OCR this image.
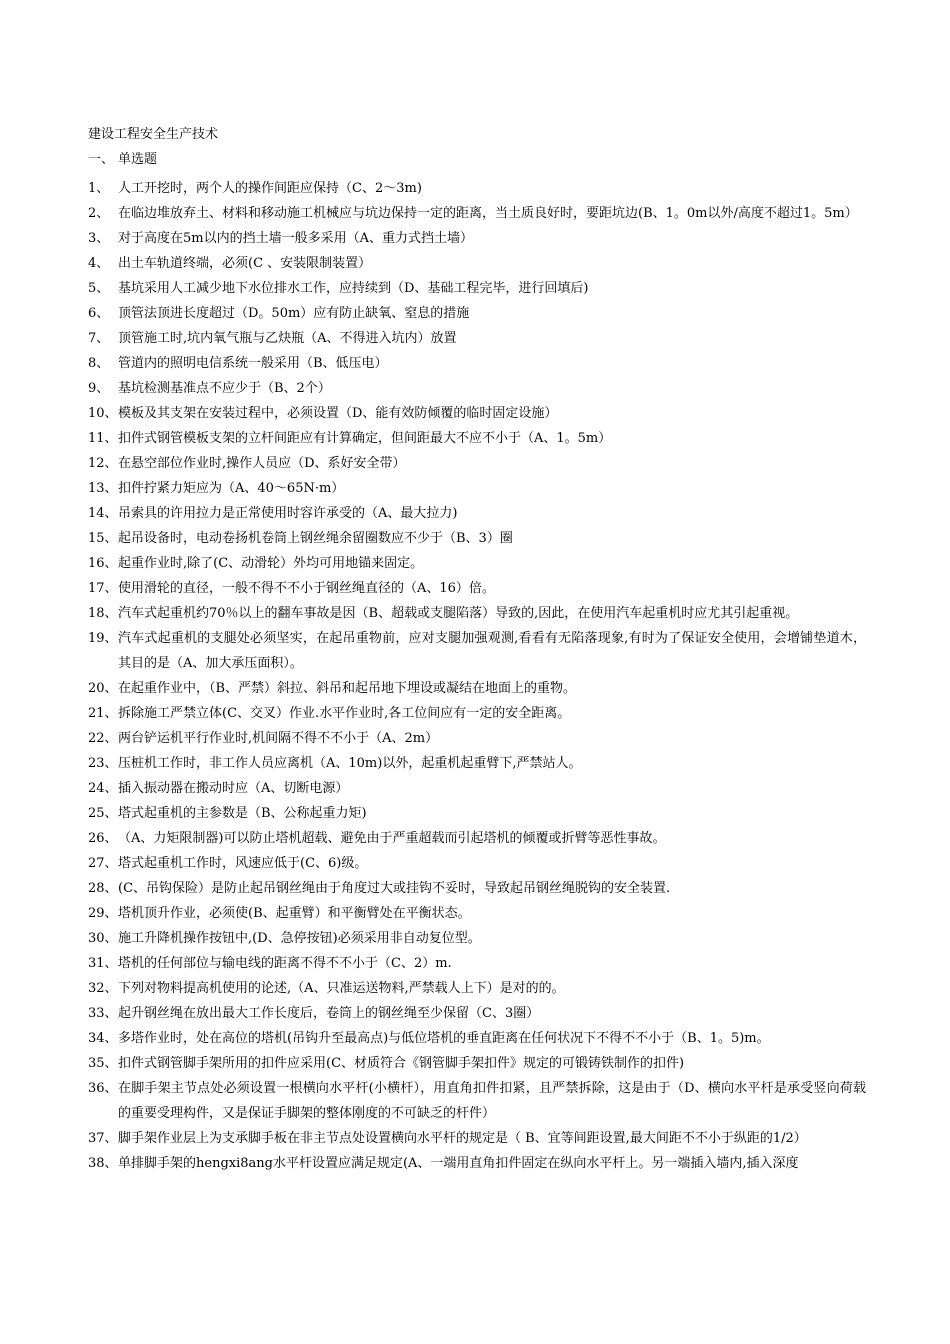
建设工程安全生产技术
一、 单选题
1、 人工开挖时，两个人的操作间距应保持（C、2～3m)
2、 在临边堆放弃土、材料和移动施工机械应与坑边保持一定的距离，当土质良好时，要距坑边(B、1。0m以外/高度不超过1。5m）
3、 对于高度在5m以内的挡土墙一般多采用（A、重力式挡土墙）
4、 出土车轨道终端，必须(C 、安装限制装置）
5、 基坑采用人工减少地下水位排水工作，应持续到（D、基础工程完毕，进行回填后)
6、 顶管法顶进长度超过（D。50m）应有防止缺氧、窒息的措施
7、 顶管施工时,坑内氧气瓶与乙炔瓶（A、不得进入坑内）放置
8、 管道内的照明电信系统一般采用（B、低压电）
9、 基坑检测基准点不应少于（B、2个）
10、 模板及其支架在安装过程中，必须设置（D、能有效防倾覆的临时固定设施）
11、 扣件式钢管模板支架的立杆间距应有计算确定，但间距最大不应不小于（A、1。5m）
12、 在悬空部位作业时,操作人员应（D、系好安全带）
13、 扣件拧紧力矩应为（A、40～65N·m）
14、 吊索具的许用拉力是正常使用时容许承受的（A、最大拉力)
15、 起吊设备时，电动卷扬机卷筒上钢丝绳余留圈数应不少于（B、3）圈
16、 起重作业时,除了(C、动滑轮）外均可用地锚来固定。
17、 使用滑轮的直径，一般不得不不小于钢丝绳直径的（A、16）倍。
18、 汽车式起重机约70％以上的翻车事故是因（B、超载或支腿陷落）导致的,因此，在使用汽车起重机时应尤其引起重视。
19、 汽车式起重机的支腿处必须坚实，在起吊重物前，应对支腿加强观测,看看有无陷落现象,有时为了保证安全使用，会增铺垫道木，其目的是（A、加大承压面积）。
20、 在起重作业中，（B、严禁）斜拉、斜吊和起吊地下埋设或凝结在地面上的重物。
21、 拆除施工严禁立体(C、交叉）作业.水平作业时,各工位间应有一定的安全距离。
22、 两台铲运机平行作业时,机间隔不得不不小于（A、2m）
23、 压桩机工作时，非工作人员应离机（A、10m)以外，起重机起重臂下,严禁站人。
24、 插入振动器在搬动时应（A、切断电源）
25、 塔式起重机的主参数是（B、公称起重力矩)
26、 （A、力矩限制器)可以防止塔机超载、避免由于严重超载而引起塔机的倾覆或折臂等恶性事故。
27、 塔式起重机工作时，风速应低于(C、6)级。
28、 (C、吊钩保险）是防止起吊钢丝绳由于角度过大或挂钩不妥时，导致起吊钢丝绳脱钩的安全装置.
29、 塔机顶升作业，必须使(B、起重臂）和平衡臂处在平衡状态。
30、 施工升降机操作按钮中,(D、急停按钮)必须采用非自动复位型。
31、 塔机的任何部位与输电线的距离不得不不小于（C、2）m.
32、 下列对物料提高机使用的论述,（A、只准运送物料,严禁载人上下）是对的的。
33、 起升钢丝绳在放出最大工作长度后，卷筒上的钢丝绳至少保留（C、3圈）
34、 多塔作业时，处在高位的塔机(吊钩升至最高点)与低位塔机的垂直距离在任何状况下不得不不小于（B、1。5)m。
35、 扣件式钢管脚手架所用的扣件应采用(C、材质符合《钢管脚手架扣件》规定的可锻铸铁制作的扣件)
36、 在脚手架主节点处必须设置一根横向水平杆(小横杆），用直角扣件扣紧，且严禁拆除，这是由于（D、横向水平杆是承受竖向荷载的重要受理构件，又是保证手脚架的整体刚度的不可缺乏的杆件）
37、 脚手架作业层上为支承脚手板在非主节点处设置横向水平杆的规定是（ B、宜等间距设置,最大间距不不小于纵距的1/2）
38、 单排脚手架的hengxi8ang水平杆设置应满足规定(A、一端用直角扣件固定在纵向水平杆上。另一端插入墙内,插入深度
